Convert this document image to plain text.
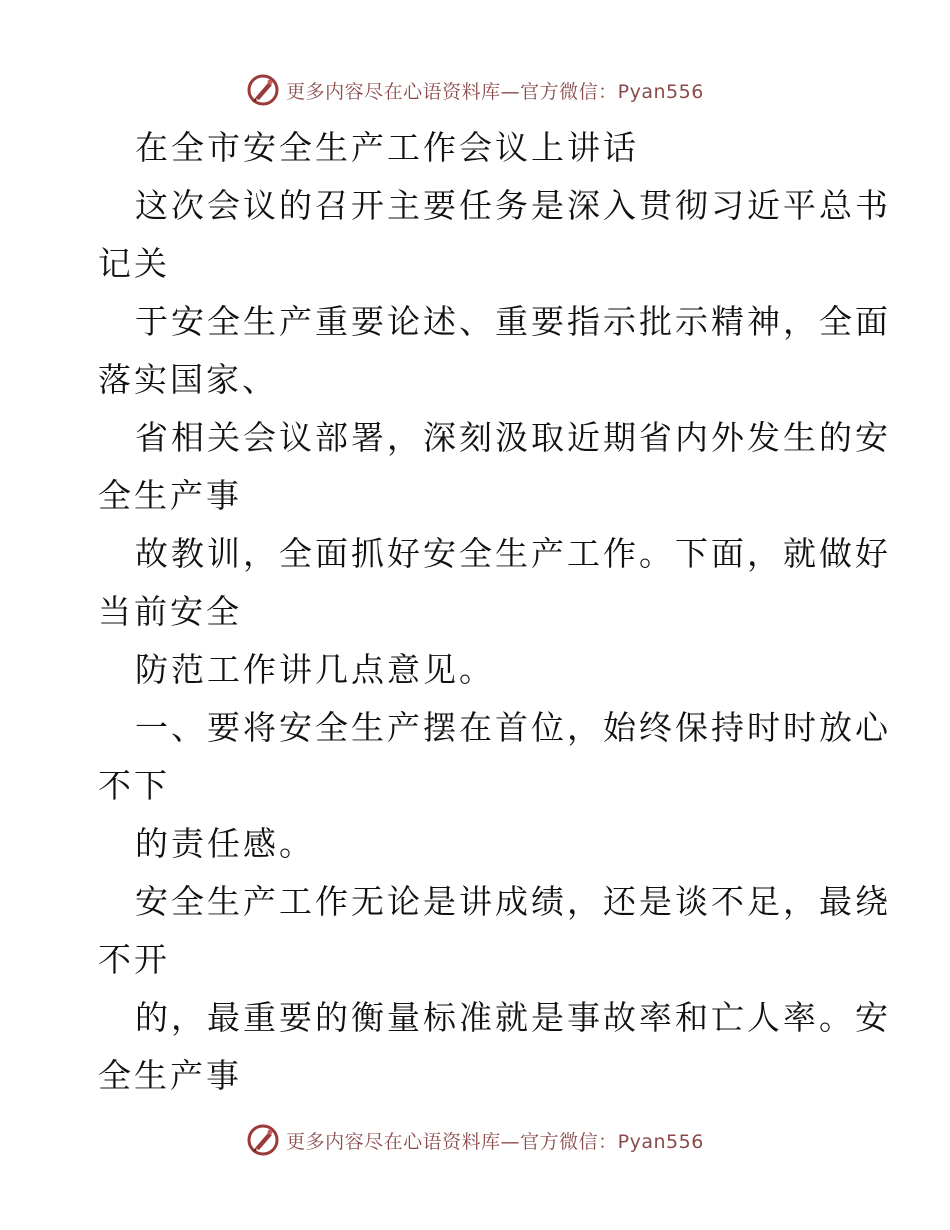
更多内容尽在心语资料库—官方微信：Pyan556
在全市安全生产工作会议上讲话
这次会议的召开主要任务是深入贯彻习近平总书
记关
于安全生产重要论述、重要指示批示精神，全面
落实国家、
省相关会议部署，深刻汲取近期省内外发生的安
全生产事
故教训，全面抓好安全生产工作。下面，就做好
当前安全
防范工作讲几点意见。
一、要将安全生产摆在首位，始终保持时时放心
不下
的责任感。
安全生产工作无论是讲成绩，还是谈不足，最绕
不开
的，最重要的衡量标准就是事故率和亡人率。安
全生产事
更多内容尽在心语资料库—官方微信：Pyan556
